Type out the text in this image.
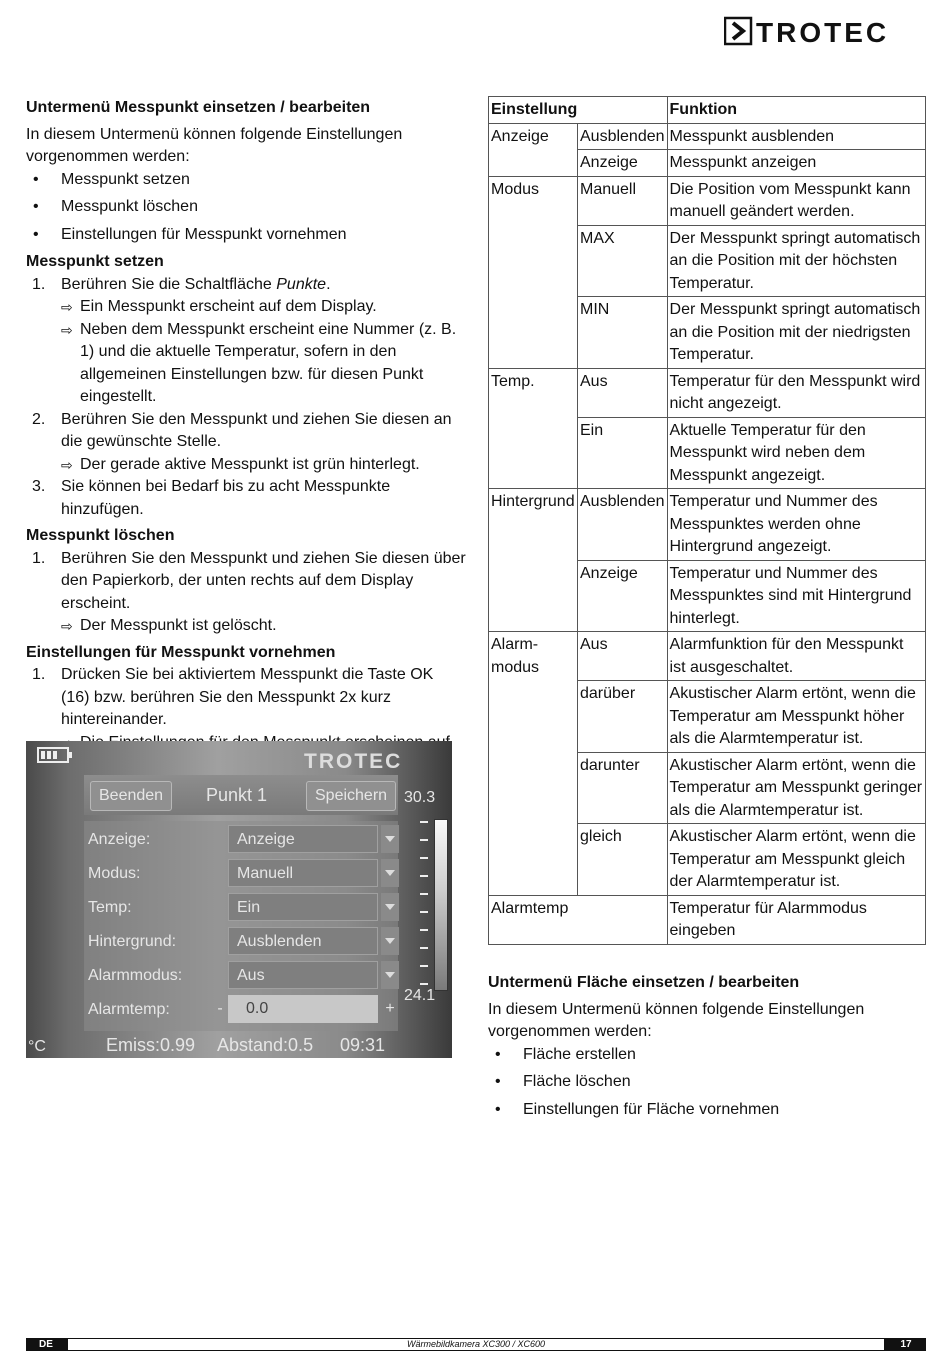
TROTEC

Untermenü Messpunkt einsetzen / bearbeiten

In diesem Untermenü können folgende Einstellungen vorgenommen werden:

• Messpunkt setzen
• Messpunkt löschen
• Einstellungen für Messpunkt vornehmen

Messpunkt setzen

1. Berühren Sie die Schaltfläche Punkte.
⇨ Ein Messpunkt erscheint auf dem Display.
⇨ Neben dem Messpunkt erscheint eine Nummer (z. B. 1) und die aktuelle Temperatur, sofern in den allgemeinen Einstellungen bzw. für diesen Punkt eingestellt.
2. Berühren Sie den Messpunkt und ziehen Sie diesen an die gewünschte Stelle.
⇨ Der gerade aktive Messpunkt ist grün hinterlegt.
3. Sie können bei Bedarf bis zu acht Messpunkte hinzufügen.

Messpunkt löschen

1. Berühren Sie den Messpunkt und ziehen Sie diesen über den Papierkorb, der unten rechts auf dem Display erscheint.
⇨ Der Messpunkt ist gelöscht.

Einstellungen für Messpunkt vornehmen

1. Drücken Sie bei aktiviertem Messpunkt die Taste OK (16) bzw. berühren Sie den Messpunkt 2x kurz hintereinander.
⇨
TROTEC
Beenden	Punkt 1	Speichern
Anzeige:	Anzeige
Modus:	Manuell
Temp:	Ein
Hintergrund:	Ausblenden
Alarmmodus:	Aus
Alarmtemp:	-	0.0	+
30.3
24.1
°C	Emiss:0.99 Abstand:0.5 09:31
Einstellung		Funktion
Anzeige	Ausblenden	Messpunkt ausblenden
	Anzeige	Messpunkt anzeigen
Modus	Manuell	Die Position vom Messpunkt kann manuell geändert werden.
	MAX	Der Messpunkt springt automatisch an die Position mit der höchsten Temperatur.
	MIN	Der Messpunkt springt automatisch an die Position mit der niedrigsten Temperatur.
Temp.	Aus	Temperatur für den Messpunkt wird nicht angezeigt.
	Ein	Aktuelle Temperatur für den Messpunkt wird neben dem Messpunkt angezeigt.
Hintergrund	Ausblenden	Temperatur und Nummer des Messpunktes werden ohne Hintergrund angezeigt.
	Anzeige	Temperatur und Nummer des Messpunktes sind mit Hintergrund hinterlegt.
Alarm-
modus	Aus	Alarmfunktion für den Messpunkt ist ausgeschaltet.
	darüber	Akustischer Alarm ertönt, wenn die Temperatur am Messpunkt höher als die Alarmtemperatur ist.
	darunter	Akustischer Alarm ertönt, wenn die Temperatur am Messpunkt geringer als die Alarmtemperatur ist.
	gleich	Akustischer Alarm ertönt, wenn die Temperatur am Messpunkt gleich der Alarmtemperatur ist.
Alarmtemp		Temperatur für Alarmmodus eingeben

Untermenü Fläche einsetzen / bearbeiten

In diesem Untermenü können folgende Einstellungen vorgenommen werden:

• Fläche erstellen
• Fläche löschen
• Einstellungen für Fläche vornehmen
DE	Wärmebildkamera XC300 / XC600	17
